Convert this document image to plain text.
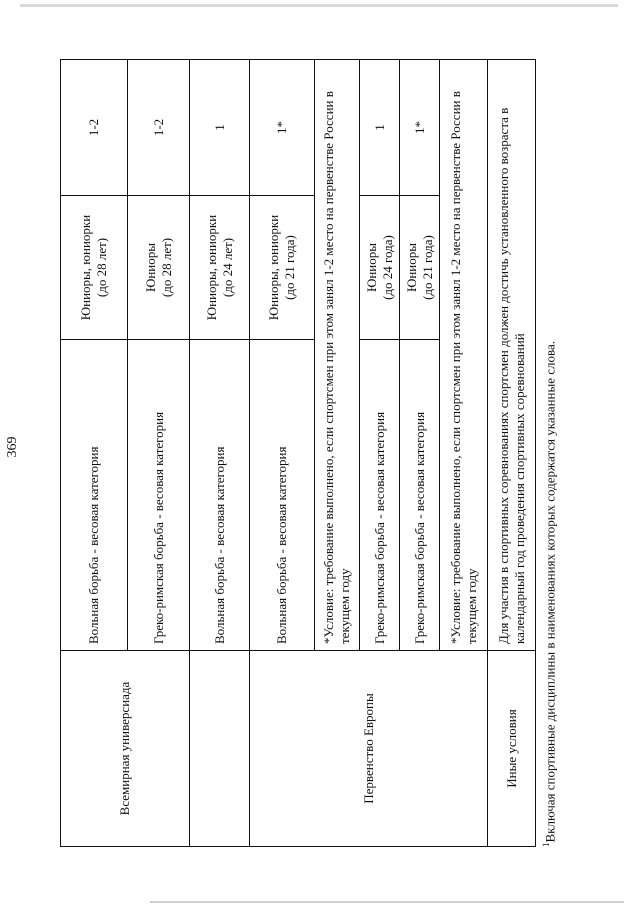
369
Всемирная универсиада	Вольная борьба - весовая категория	Юниоры, юниорки
(до 28 лет)	1-2
	Греко-римская борьба - весовая категория	Юниоры
(до 28 лет)	1-2
	Вольная борьба - весовая категория	Юниоры, юниорки
(до 24 лет)	1
Первенство Европы	Вольная борьба - весовая категория	Юниоры, юниорки
(до 21 года)	1*
	*Условие: требование выполнено, если спортсмен при этом занял 1-2 место на первенстве России в текущем году		
	Греко-римская борьба - весовая категория	Юниоры
(до 24 года)	1
	Греко-римская борьба - весовая категория	Юниоры
(до 21 года)	1*
	*Условие: требование выполнено, если спортсмен при этом занял 1-2 место на первенстве России в текущем году		
Иные условия	Для участия в спортивных соревнованиях спортсмен должен достичь установленного возраста в календарный год проведения спортивных соревнований		
$^1$Включая спортивные дисциплины в наименованиях которых содержатся указанные слова.
